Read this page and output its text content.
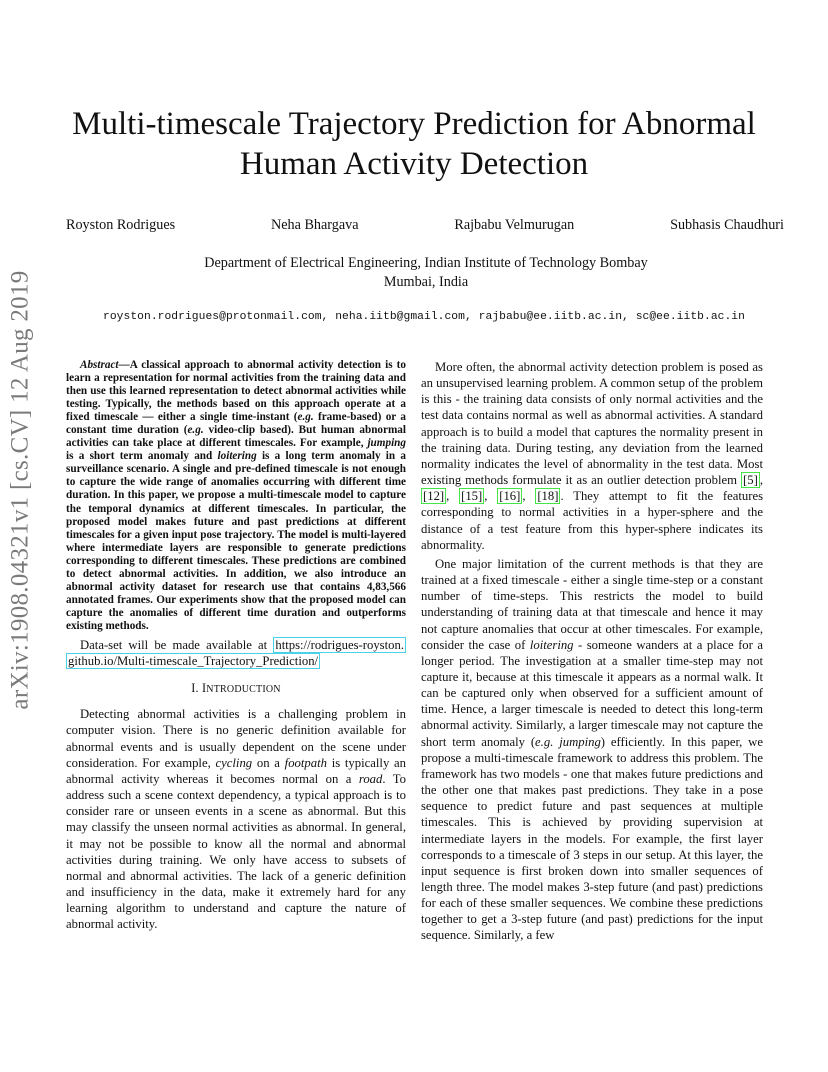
arXiv:1908.04321v1 [cs.CV] 12 Aug 2019
Multi-timescale Trajectory Prediction for Abnormal Human Activity Detection
Royston Rodrigues	Neha Bhargava	Rajbabu Velmurugan	Subhasis Chaudhuri
Department of Electrical Engineering, Indian Institute of Technology Bombay
Mumbai, India
royston.rodrigues@protonmail.com, neha.iitb@gmail.com, rajbabu@ee.iitb.ac.in, sc@ee.iitb.ac.in

Abstract—A classical approach to abnormal activity detection is to learn a representation for normal activities from the training data and then use this learned representation to detect abnormal activities while testing. Typically, the methods based on this approach operate at a fixed timescale — either a single time-instant (e.g. frame-based) or a constant time duration (e.g. video-clip based). But human abnormal activities can take place at different timescales. For example, jumping is a short term anomaly and loitering is a long term anomaly in a surveillance scenario. A single and pre-defined timescale is not enough to capture the wide range of anomalies occurring with different time duration. In this paper, we propose a multi-timescale model to capture the temporal dynamics at different timescales. In particular, the proposed model makes future and past predictions at different timescales for a given input pose trajectory. The model is multi-layered where intermediate layers are responsible to generate predictions corresponding to different timescales. These predictions are combined to detect abnormal activities. In addition, we also introduce an abnormal activity dataset for research use that contains 4,83,566 annotated frames. Our experiments show that the proposed model can capture the anomalies of different time duration and outperforms existing methods.

Data-set will be made available at https://rodrigues-royston. github.io/Multi-timescale_Trajectory_Prediction/

I. INTRODUCTION

Detecting abnormal activities is a challenging problem in computer vision. There is no generic definition available for abnormal events and is usually dependent on the scene under consideration. For example, cycling on a footpath is typically an abnormal activity whereas it becomes normal on a road. To address such a scene context dependency, a typical approach is to consider rare or unseen events in a scene as abnormal. But this may classify the unseen normal activities as abnormal. In general, it may not be possible to know all the normal and abnormal activities during training. We only have access to subsets of normal and abnormal activities. The lack of a generic definition and insufficiency in the data, make it extremely hard for any learning algorithm to understand and capture the nature of abnormal activity.

More often, the abnormal activity detection problem is posed as an unsupervised learning problem. A common setup of the problem is this - the training data consists of only normal activities and the test data contains normal as well as abnormal activities. A standard approach is to build a model that captures the normality present in the training data. During testing, any deviation from the learned normality indicates the level of abnormality in the test data. Most existing methods formulate it as an outlier detection problem [5] , [12] , [15] , [16] , [18] . They attempt to fit the features corresponding to normal activities in a hyper-sphere and the distance of a test feature from this hyper-sphere indicates its abnormality.

One major limitation of the current methods is that they are trained at a fixed timescale - either a single time-step or a constant number of time-steps. This restricts the model to build understanding of training data at that timescale and hence it may not capture anomalies that occur at other timescales. For example, consider the case of loitering - someone wanders at a place for a longer period. The investigation at a smaller time-step may not capture it, because at this timescale it appears as a normal walk. It can be captured only when observed for a sufficient amount of time. Hence, a larger timescale is needed to detect this long-term abnormal activity. Similarly, a larger timescale may not capture the short term anomaly (e.g. jumping) efficiently. In this paper, we propose a multi-timescale framework to address this problem. The framework has two models - one that makes future predictions and the other one that makes past predictions. They take in a pose sequence to predict future and past sequences at multiple timescales. This is achieved by providing supervision at intermediate layers in the models. For example, the first layer corresponds to a timescale of 3 steps in our setup. At this layer, the input sequence is first broken down into smaller sequences of length three. The model makes 3-step future (and past) predictions for each of these smaller sequences. We combine these predictions together to get a 3-step future (and past) predictions for the input sequence. Similarly, a few
